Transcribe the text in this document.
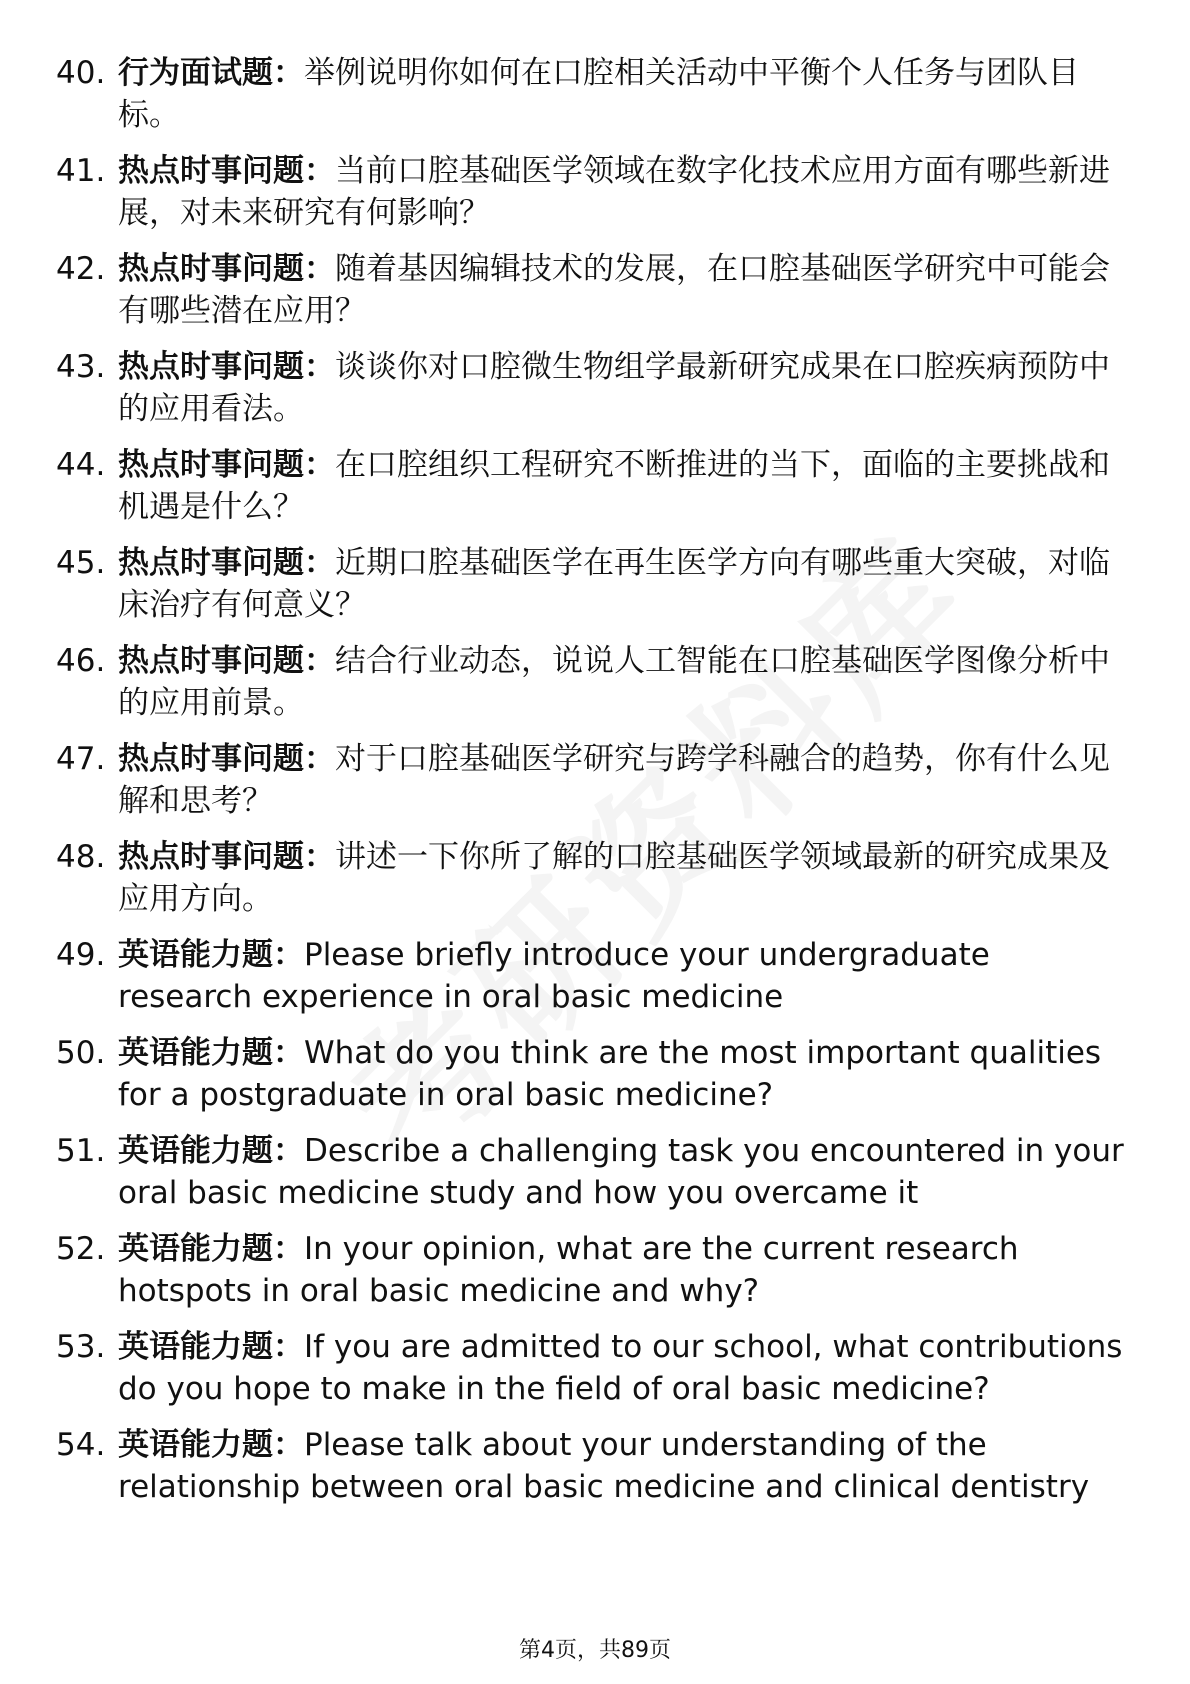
40. 行为面试题：举例说明你如何在口腔相关活动中平衡个人任务与团队目标。
41. 热点时事问题：当前口腔基础医学领域在数字化技术应用方面有哪些新进展，对未来研究有何影响？
42. 热点时事问题：随着基因编辑技术的发展，在口腔基础医学研究中可能会有哪些潜在应用？
43. 热点时事问题：谈谈你对口腔微生物组学最新研究成果在口腔疾病预防中的应用看法。
44. 热点时事问题：在口腔组织工程研究不断推进的当下，面临的主要挑战和机遇是什么？
45. 热点时事问题：近期口腔基础医学在再生医学方向有哪些重大突破，对临床治疗有何意义？
46. 热点时事问题：结合行业动态，说说人工智能在口腔基础医学图像分析中的应用前景。
47. 热点时事问题：对于口腔基础医学研究与跨学科融合的趋势，你有什么见解和思考？
48. 热点时事问题：讲述一下你所了解的口腔基础医学领域最新的研究成果及应用方向。
49. 英语能力题：Please briefly introduce your undergraduate research experience in oral basic medicine
50. 英语能力题：What do you think are the most important qualities for a postgraduate in oral basic medicine?
51. 英语能力题：Describe a challenging task you encountered in your oral basic medicine study and how you overcame it
52. 英语能力题：In your opinion, what are the current research hotspots in oral basic medicine and why?
53. 英语能力题：If you are admitted to our school, what contributions do you hope to make in the field of oral basic medicine?
54. 英语能力题：Please talk about your understanding of the relationship between oral basic medicine and clinical dentistry
第4页，共89页
